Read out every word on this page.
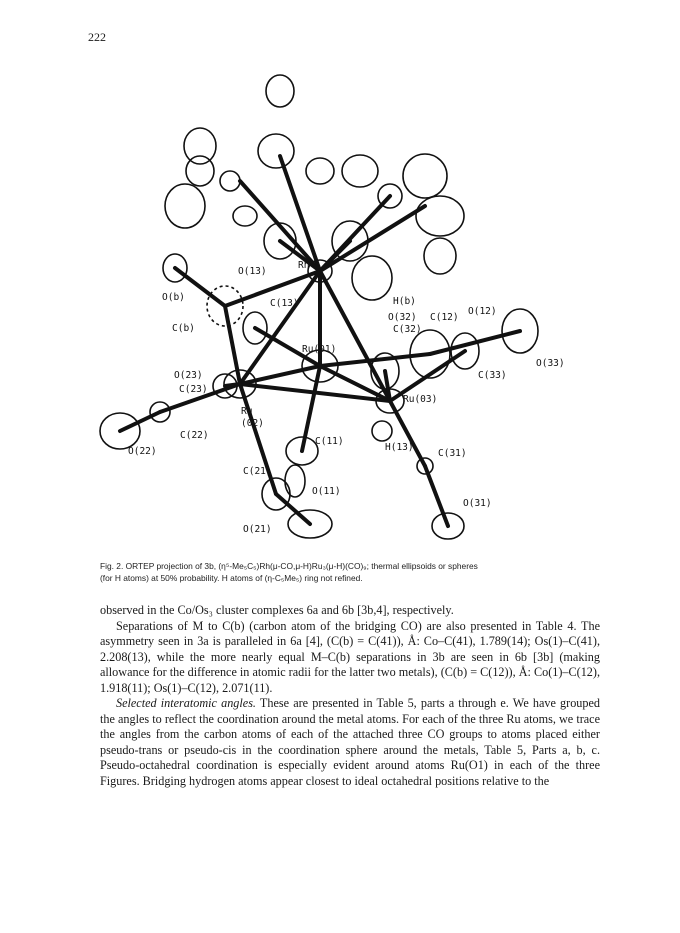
222
O(13)
Rh
O(b)
C(13)	H(b)
O(12)
C(b)
O(32) C(12)
C(32)
Ru(01)
O(33)
O(23)	C(33)
C(23)
Ru(03)
Ru
(02)
C(22)
C(11)
H(13)
O(22)	C(31)
C(21)
O(11)
O(31)
O(21)
Fig. 2. ORTEP projection of 3b, (η⁵-Me₅C₅)Rh(μ-CO,μ-H)Ru₃(μ-H)(CO)₉; thermal ellipsoids or spheres
(for H atoms) at 50% probability. H atoms of (η-C₅Me₅) ring not refined.

observed in the Co/Os₃ cluster complexes 6a and 6b [3b,4], respectively.

Separations of M to C(b) (carbon atom of the bridging CO) are also presented in Table 4. The asymmetry seen in 3a is paralleled in 6a [4], (C(b) = C(41)), Å: Co–C(41), 1.789(14); Os(1)–C(41), 2.208(13), while the more nearly equal M–C(b) separations in 3b are seen in 6b [3b] (making allowance for the difference in atomic radii for the latter two metals), (C(b) = C(12)), Å: Co(1)–C(12), 1.918(11); Os(1)–C(12), 2.071(11).

Selected interatomic angles. These are presented in Table 5, parts a through e. We have grouped the angles to reflect the coordination around the metal atoms. For each of the three Ru atoms, we trace the angles from the carbon atoms of each of the attached three CO groups to atoms placed either pseudo-trans or pseudo-cis in the coordination sphere around the metals, Table 5, Parts a, b, c. Pseudo-octahedral coordination is especially evident around atoms Ru(O1) in each of the three Figures. Bridging hydrogen atoms appear closest to ideal octahedral positions relative to the
